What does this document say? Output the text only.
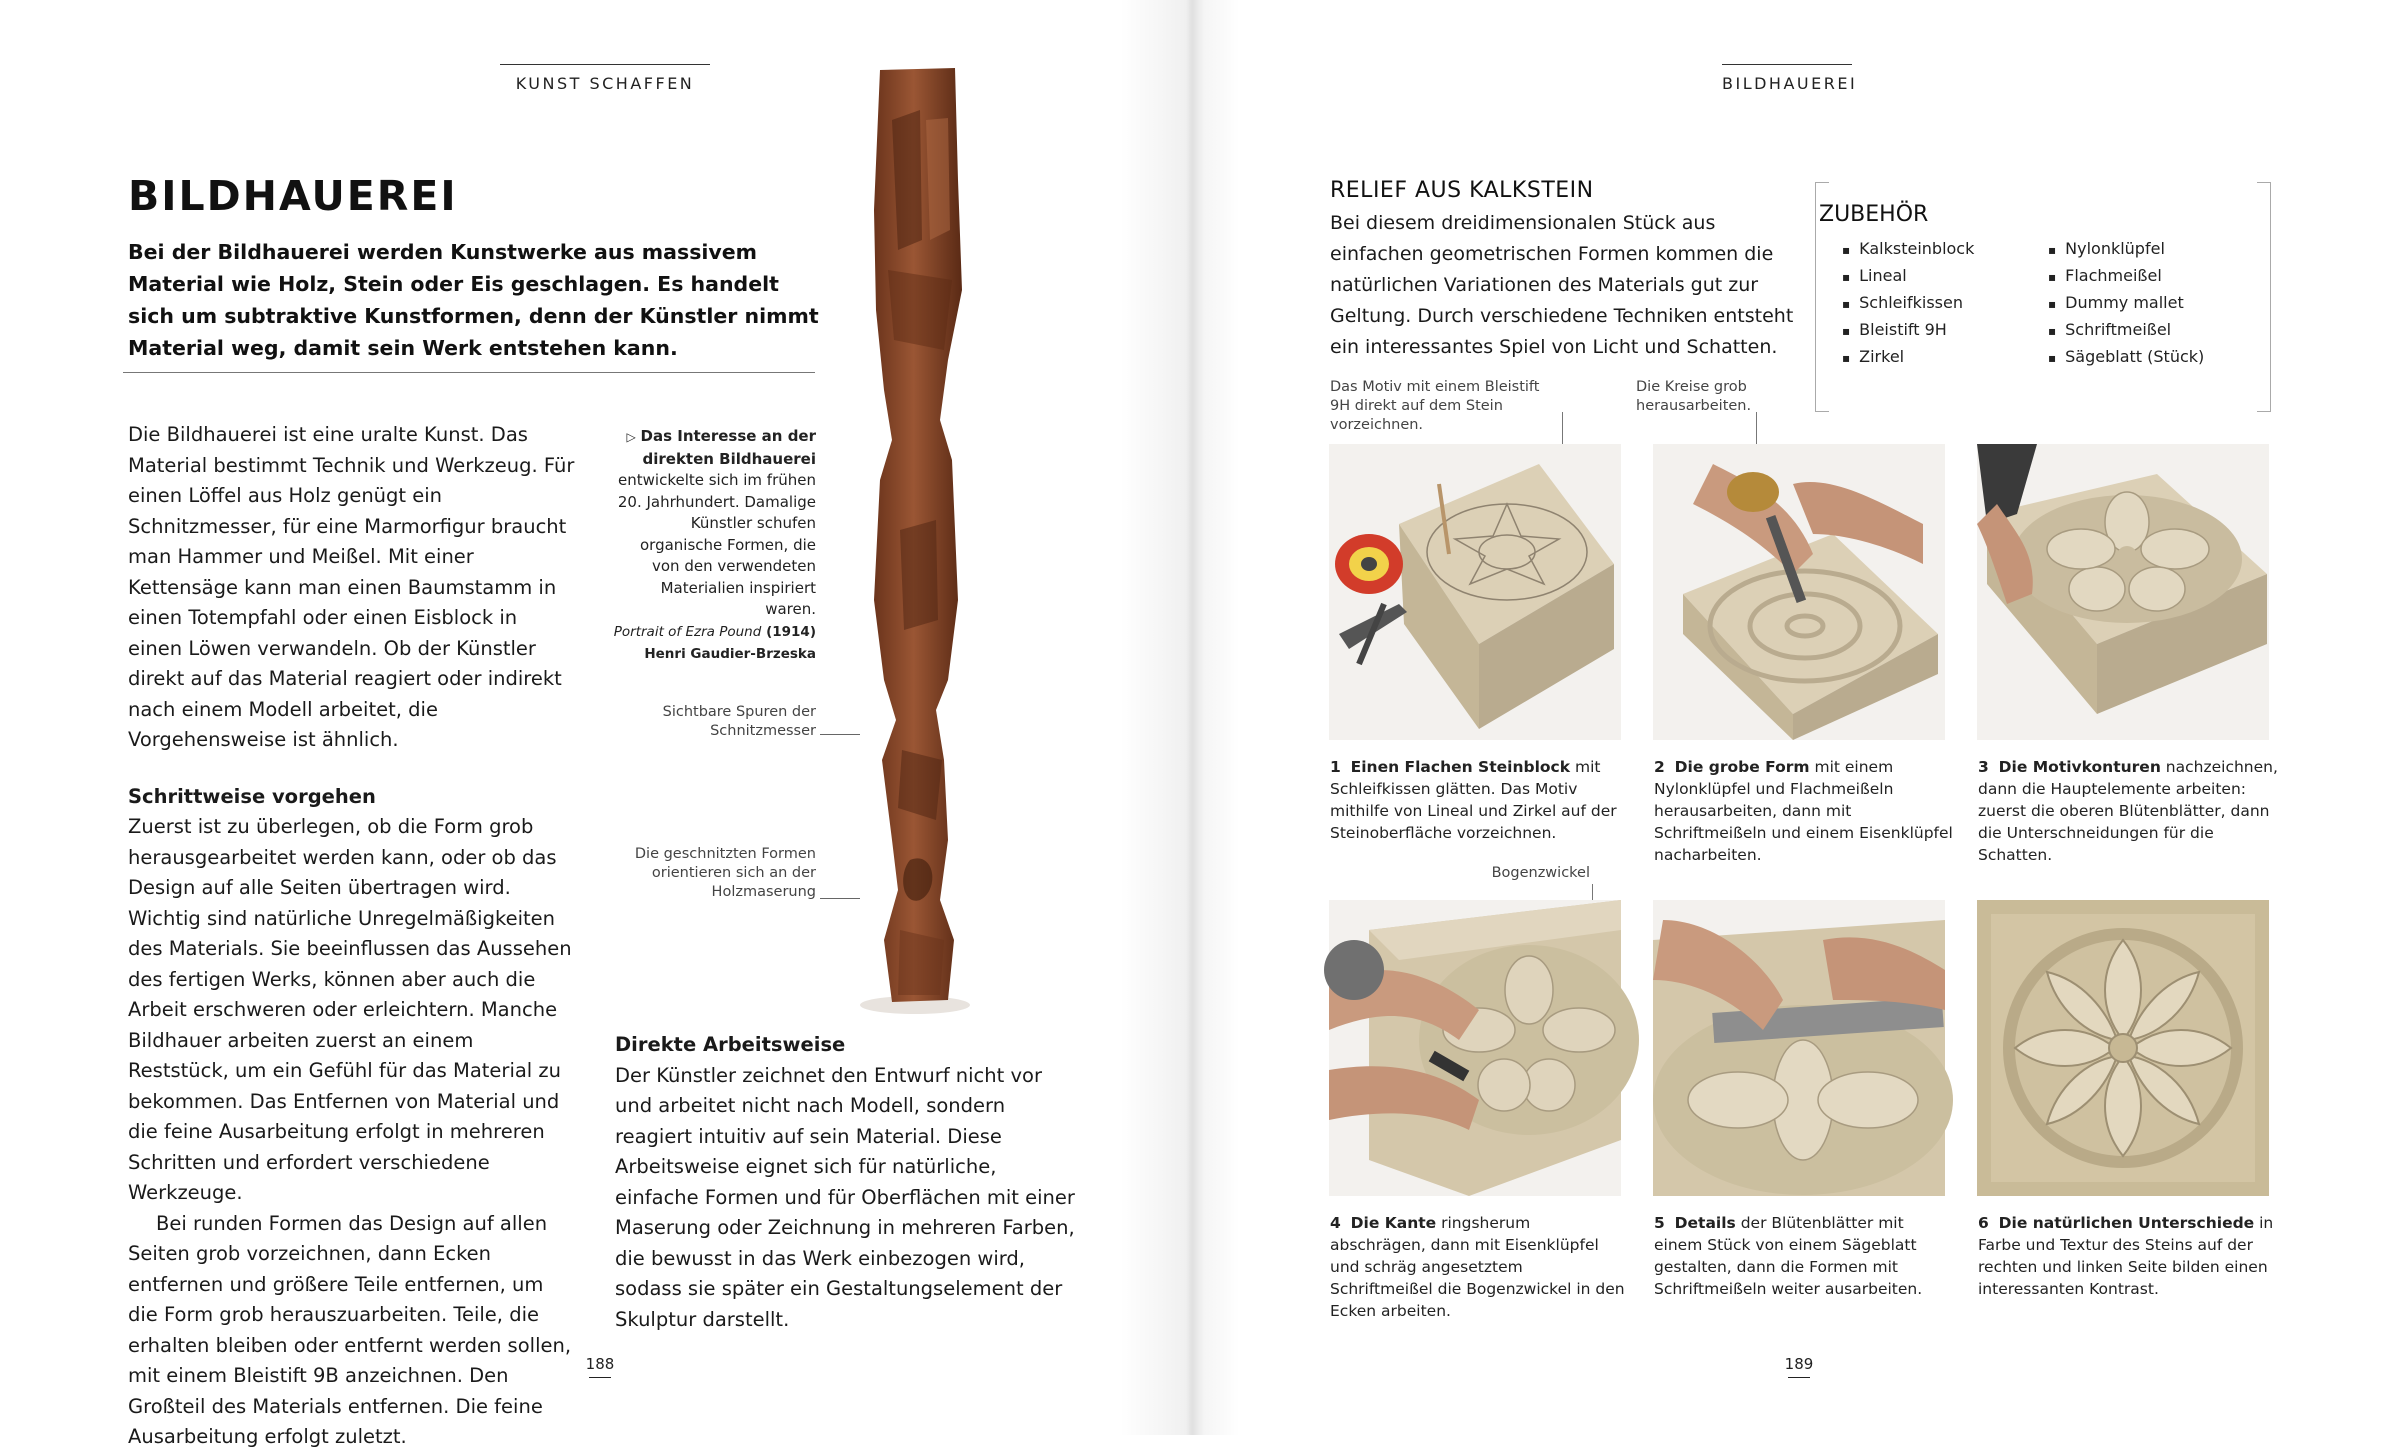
KUNST SCHAFFEN
BILDHAUEREI
Bei der Bildhauerei werden Kunstwerke aus massivem Material wie Holz, Stein oder Eis geschlagen. Es handelt sich um subtraktive Kunstformen, denn der Künstler nimmt Material weg, damit sein Werk entstehen kann.

Die Bildhauerei ist eine uralte Kunst. Das Material bestimmt Technik und Werkzeug. Für einen Löffel aus Holz genügt ein Schnitzmesser, für eine Marmorfigur braucht man Hammer und Meißel. Mit einer Kettensäge kann man einen Baumstamm in einen Totempfahl oder einen Eisblock in einen Löwen verwandeln. Ob der Künstler direkt auf das Material reagiert oder indirekt nach einem Modell arbeitet, die Vorgehensweise ist ähnlich.

Schrittweise vorgehen

Zuerst ist zu überlegen, ob die Form grob herausgearbeitet werden kann, oder ob das Design auf alle Seiten übertragen wird. Wichtig sind natürliche Unregelmäßigkeiten des Materials. Sie beeinflussen das Aussehen des fertigen Werks, können aber auch die Arbeit erschweren oder erleichtern. Manche Bildhauer arbeiten zuerst an einem Reststück, um ein Gefühl für das Material zu bekommen. Das Entfernen von Material und die feine Ausarbeitung erfolgt in mehreren Schritten und erfordert verschiedene Werkzeuge.

Bei runden Formen das Design auf allen Seiten grob vorzeichnen, dann Ecken entfernen und größere Teile entfernen, um die Form grob herauszuarbeiten. Teile, die erhalten bleiben oder entfernt werden sollen, mit einem Bleistift 9B anzeichnen. Den Großteil des Materials entfernen. Die feine Ausarbeitung erfolgt zuletzt.

▷ Das Interesse an der direkten Bildhauerei entwickelte sich im frühen 20. Jahrhundert. Damalige Künstler schufen organische Formen, die von den verwendeten Materialien inspiriert waren.
Portrait of Ezra Pound (1914)
Henri Gaudier-Brzeska
Sichtbare Spuren der Schnitzmesser
Die geschnitzten Formen orientieren sich an der Holzmaserung
Direkte Arbeitsweise

Der Künstler zeichnet den Entwurf nicht vor und arbeitet nicht nach Modell, sondern reagiert intuitiv auf sein Material. Diese Arbeitsweise eignet sich für natürliche, einfache Formen und für Oberflächen mit einer Maserung oder Zeichnung in mehreren Farben, die bewusst in das Werk einbezogen wird, sodass sie später ein Gestaltungselement der Skulptur darstellt.

188
BILDHAUEREI
189
RELIEF AUS KALKSTEIN
Bei diesem dreidimensionalen Stück aus einfachen geometrischen Formen kommen die natürlichen Variationen des Materials gut zur Geltung. Durch verschiedene Techniken entsteht ein interessantes Spiel von Licht und Schatten.
ZUBEHÖR
▪ Kalksteinblock
▪ Lineal
▪ Schleifkissen
▪ Bleistift 9H
▪ Zirkel
▪ Nylonklüpfel
▪ Flachmeißel
▪ Dummy mallet
▪ Schriftmeißel
▪ Sägeblatt (Stück)
Das Motiv mit einem Bleistift 9H direkt auf dem Stein vorzeichnen.
Die Kreise grob herausarbeiten.
Bogenzwickel
1 Einen Flachen Steinblock mit Schleifkissen glätten. Das Motiv mithilfe von Lineal und Zirkel auf der Steinoberfläche vorzeichnen.
2 Die grobe Form mit einem Nylonklüpfel und Flachmeißeln herausarbeiten, dann mit Schriftmeißeln und einem Eisenklüpfel nacharbeiten.
3 Die Motivkonturen nachzeichnen, dann die Hauptelemente arbeiten: zuerst die oberen Blütenblätter, dann die Unterschneidungen für die Schatten.
4 Die Kante ringsherum abschrägen, dann mit Eisenklüpfel und schräg angesetztem Schriftmeißel die Bogenzwickel in den Ecken arbeiten.
5 Details der Blütenblätter mit einem Stück von einem Sägeblatt gestalten, dann die Formen mit Schriftmeißeln weiter ausarbeiten.
6 Die natürlichen Unterschiede in Farbe und Textur des Steins auf der rechten und linken Seite bilden einen interessanten Kontrast.
